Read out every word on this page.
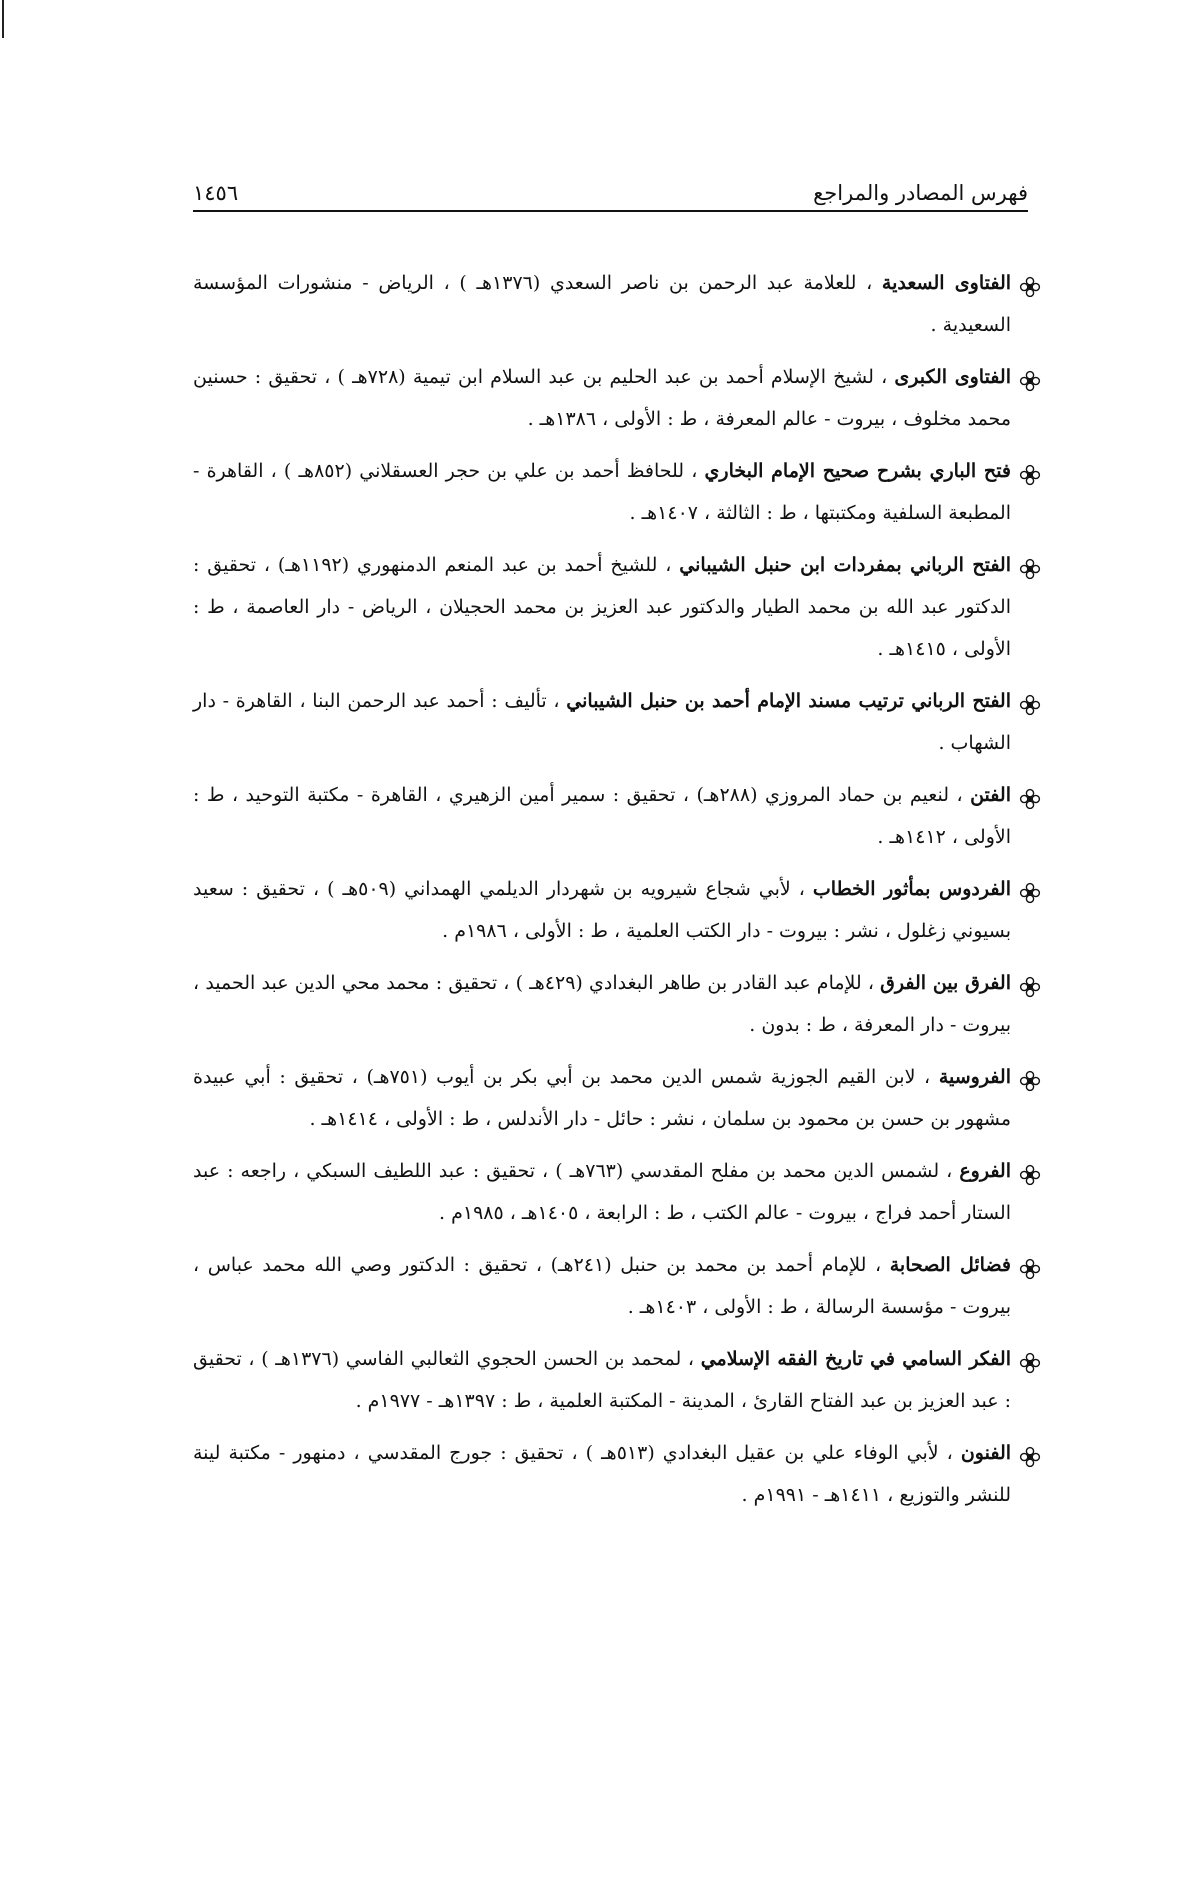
فهرس المصادر والمراجع
١٤٥٦
الفتاوى السعدية ، للعلامة عبد الرحمن بن ناصر السعدي (١٣٧٦هـ ) ، الرياض - منشورات المؤسسة السعيدية .
الفتاوى الكبرى ، لشيخ الإسلام أحمد بن عبد الحليم بن عبد السلام ابن تيمية (٧٢٨هـ ) ، تحقيق : حسنين محمد مخلوف ، بيروت - عالم المعرفة ، ط : الأولى ، ١٣٨٦هـ .
فتح الباري بشرح صحيح الإمام البخاري ، للحافظ أحمد بن علي بن حجر العسقلاني (٨٥٢هـ ) ، القاهرة - المطبعة السلفية ومكتبتها ، ط : الثالثة ، ١٤٠٧هـ .
الفتح الرباني بمفردات ابن حنبل الشيباني ، للشيخ أحمد بن عبد المنعم الدمنهوري (١١٩٢هـ) ، تحقيق : الدكتور عبد الله بن محمد الطيار والدكتور عبد العزيز بن محمد الحجيلان ، الرياض - دار العاصمة ، ط : الأولى ، ١٤١٥هـ .
الفتح الرباني ترتيب مسند الإمام أحمد بن حنبل الشيباني ، تأليف : أحمد عبد الرحمن البنا ، القاهرة - دار الشهاب .
الفتن ، لنعيم بن حماد المروزي (٢٨٨هـ) ، تحقيق : سمير أمين الزهيري ، القاهرة - مكتبة التوحيد ، ط : الأولى ، ١٤١٢هـ .
الفردوس بمأثور الخطاب ، لأبي شجاع شيرويه بن شهردار الديلمي الهمداني (٥٠٩هـ ) ، تحقيق : سعيد بسيوني زغلول ، نشر : بيروت - دار الكتب العلمية ، ط : الأولى ، ١٩٨٦م .
الفرق بين الفرق ، للإمام عبد القادر بن طاهر البغدادي (٤٢٩هـ ) ، تحقيق : محمد محي الدين عبد الحميد ، بيروت - دار المعرفة ، ط : بدون .
الفروسية ، لابن القيم الجوزية شمس الدين محمد بن أبي بكر بن أيوب (٧٥١هـ) ، تحقيق : أبي عبيدة مشهور بن حسن بن محمود بن سلمان ، نشر : حائل - دار الأندلس ، ط : الأولى ، ١٤١٤هـ .
الفروع ، لشمس الدين محمد بن مفلح المقدسي (٧٦٣هـ ) ، تحقيق : عبد اللطيف السبكي ، راجعه : عبد الستار أحمد فراج ، بيروت - عالم الكتب ، ط : الرابعة ، ١٤٠٥هـ ، ١٩٨٥م .
فضائل الصحابة ، للإمام أحمد بن محمد بن حنبل (٢٤١هـ) ، تحقيق : الدكتور وصي الله محمد عباس ، بيروت - مؤسسة الرسالة ، ط : الأولى ، ١٤٠٣هـ .
الفكر السامي في تاريخ الفقه الإسلامي ، لمحمد بن الحسن الحجوي الثعالبي الفاسي (١٣٧٦هـ ) ، تحقيق : عبد العزيز بن عبد الفتاح القارئ ، المدينة - المكتبة العلمية ، ط : ١٣٩٧هـ - ١٩٧٧م .
الفنون ، لأبي الوفاء علي بن عقيل البغدادي (٥١٣هـ ) ، تحقيق : جورج المقدسي ، دمنهور - مكتبة لينة للنشر والتوزيع ، ١٤١١هـ - ١٩٩١م .
